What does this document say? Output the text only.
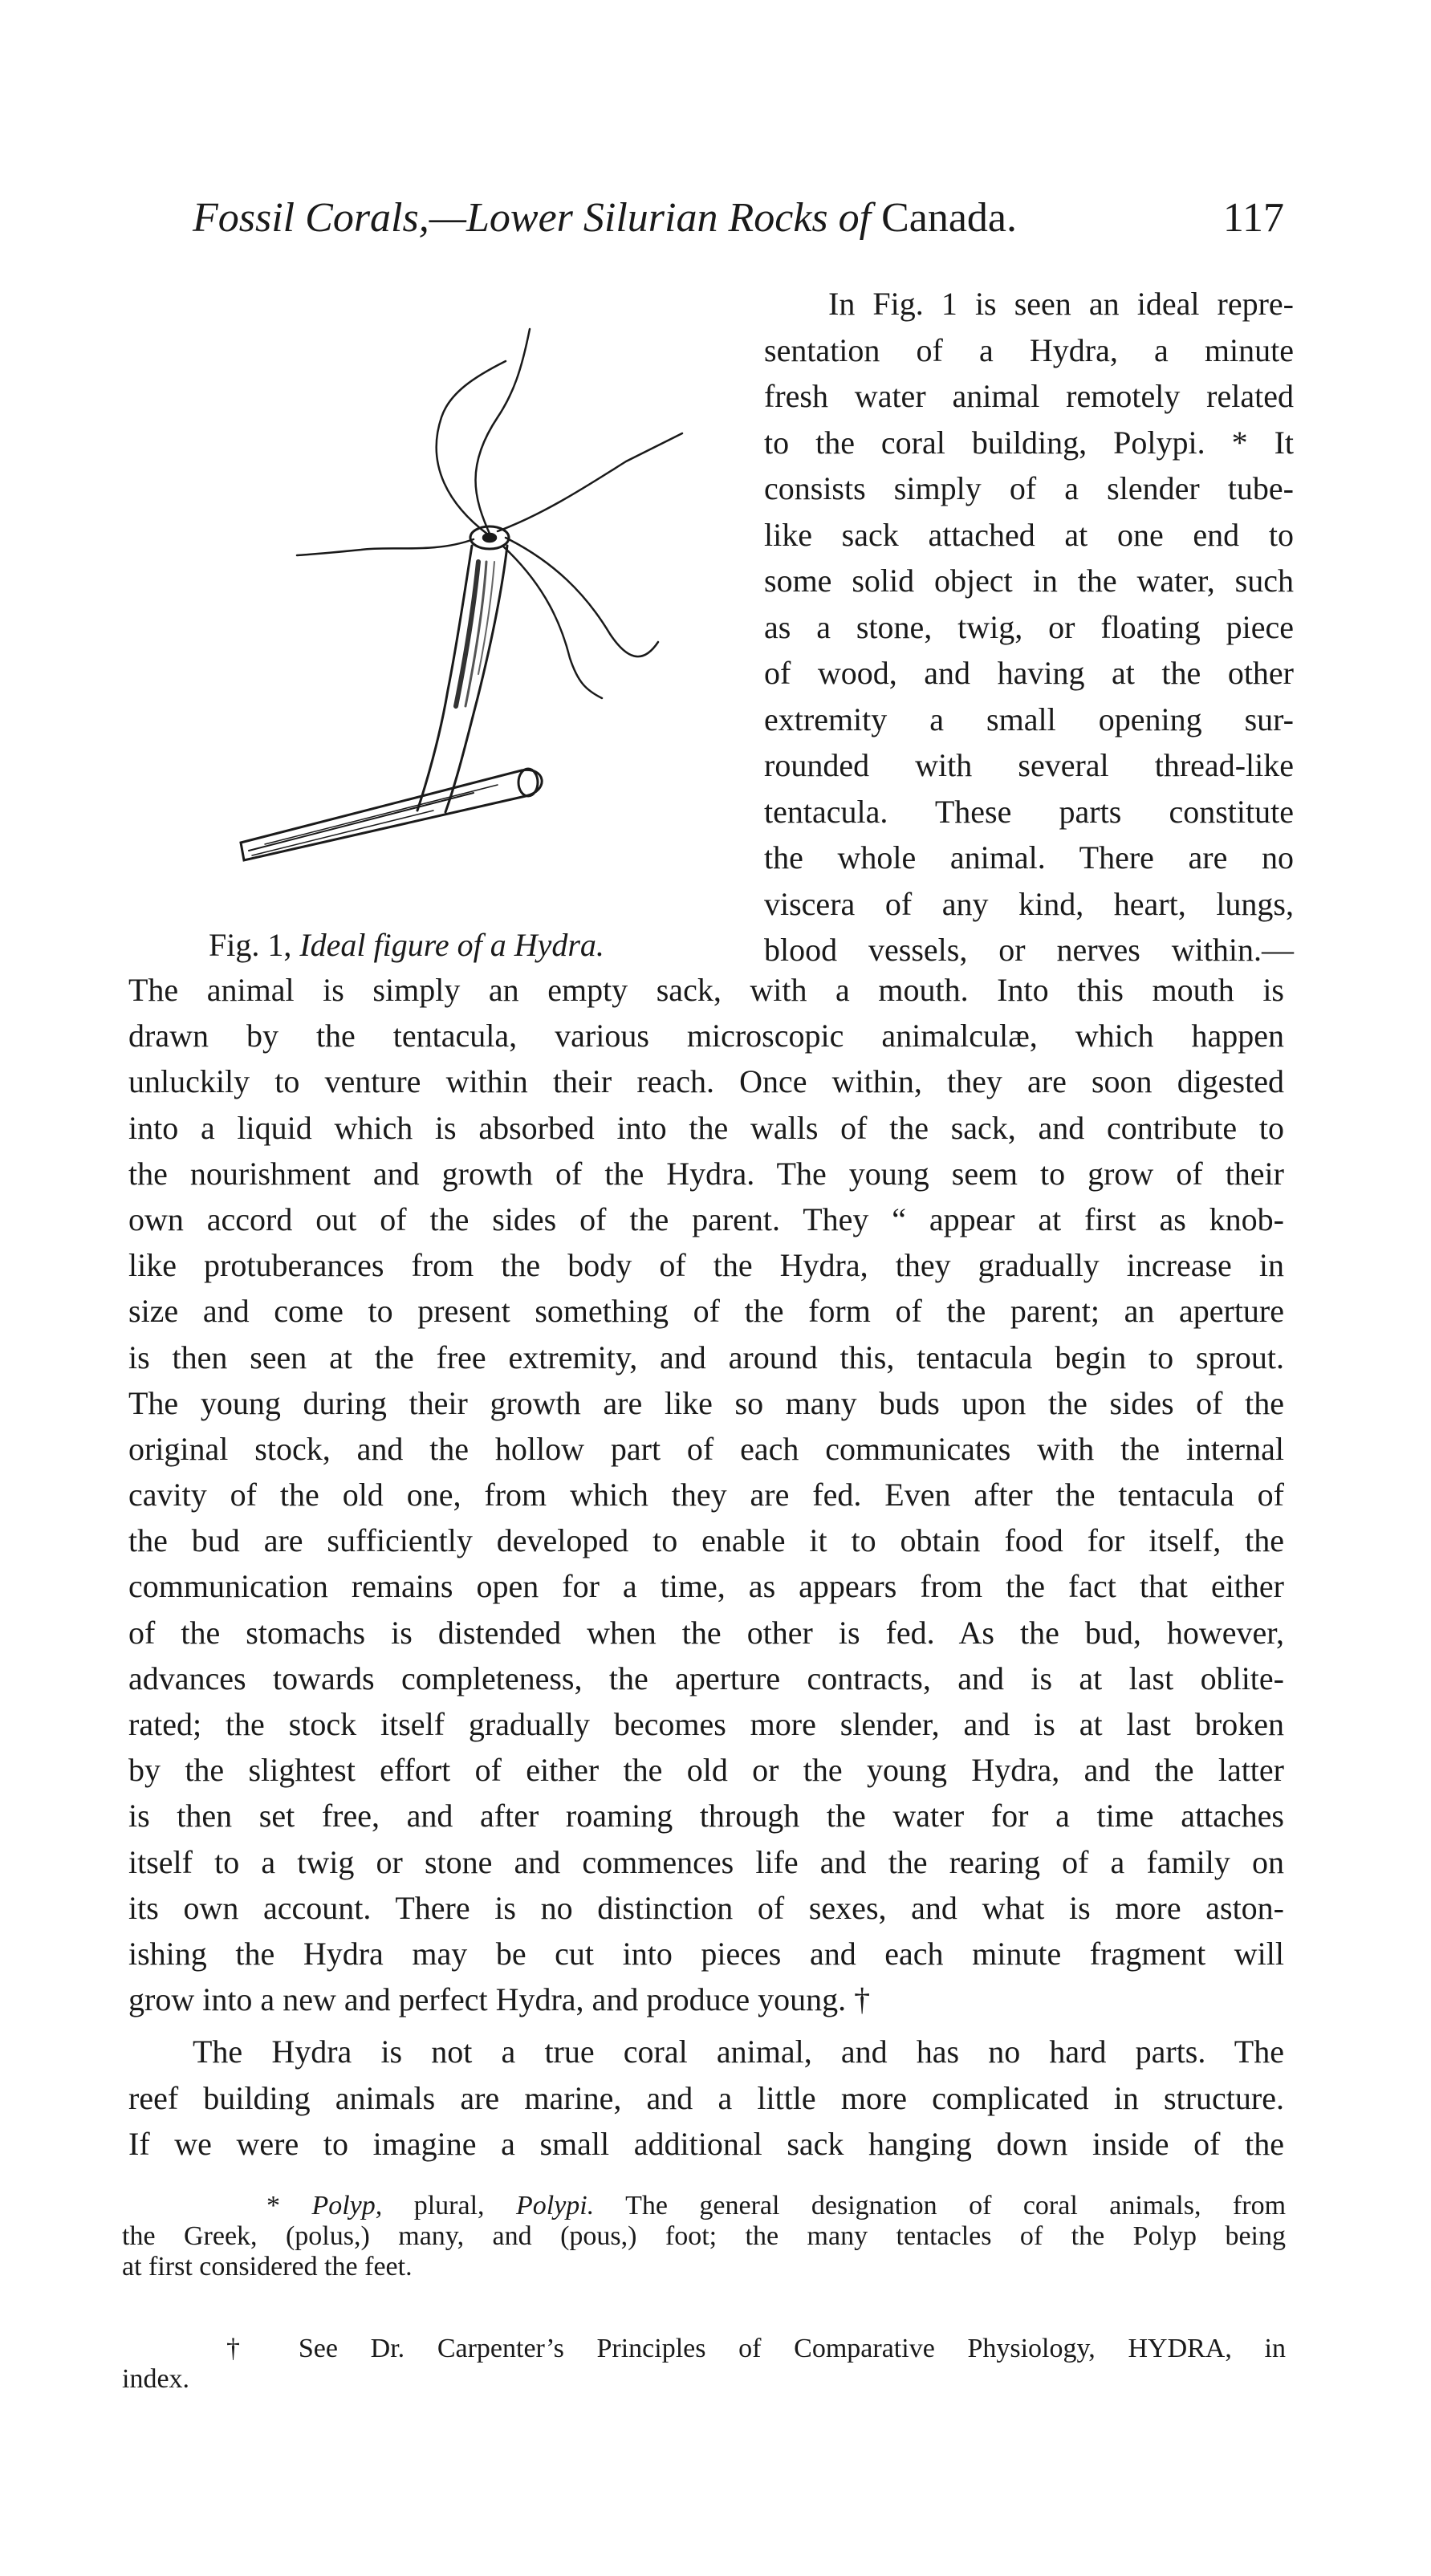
Fossil Corals,—Lower Silurian Rocks of Canada.	117
Fig. 1, Ideal figure of a Hydra.
In Fig. 1 is seen an ideal repre-
sentation of a Hydra, a minute
fresh water animal remotely related
to the coral building, Polypi. * It
consists simply of a slender tube-
like sack attached at one end to
some solid object in the water, such
as a stone, twig, or floating piece
of wood, and having at the other
extremity a small opening sur-
rounded with several thread-like
tentacula. These parts constitute
the whole animal. There are no
viscera of any kind, heart, lungs,
blood vessels, or nerves within.—
The animal is simply an empty sack, with a mouth. Into this mouth is
drawn by the tentacula, various microscopic animalculæ, which happen
unluckily to venture within their reach. Once within, they are soon digested
into a liquid which is absorbed into the walls of the sack, and contribute to
the nourishment and growth of the Hydra. The young seem to grow of their
own accord out of the sides of the parent. They “ appear at first as knob-
like protuberances from the body of the Hydra, they gradually increase in
size and come to present something of the form of the parent; an aperture
is then seen at the free extremity, and around this, tentacula begin to sprout.
The young during their growth are like so many buds upon the sides of the
original stock, and the hollow part of each communicates with the internal
cavity of the old one, from which they are fed. Even after the tentacula of
the bud are sufficiently developed to enable it to obtain food for itself, the
communication remains open for a time, as appears from the fact that either
of the stomachs is distended when the other is fed. As the bud, however,
advances towards completeness, the aperture contracts, and is at last oblite-
rated; the stock itself gradually becomes more slender, and is at last broken
by the slightest effort of either the old or the young Hydra, and the latter
is then set free, and after roaming through the water for a time attaches
itself to a twig or stone and commences life and the rearing of a family on
its own account. There is no distinction of sexes, and what is more aston-
ishing the Hydra may be cut into pieces and each minute fragment will
grow into a new and perfect Hydra, and produce young. †
The Hydra is not a true coral animal, and has no hard parts. The
reef building animals are marine, and a little more complicated in structure.
If we were to imagine a small additional sack hanging down inside of the
* Polyp, plural, Polypi. The general designation of coral animals, from
the Greek, (polus,) many, and (pous,) foot; the many tentacles of the Polyp being
at first considered the feet.
† See Dr. Carpenter’s Principles of Comparative Physiology, HYDRA, in
index.
